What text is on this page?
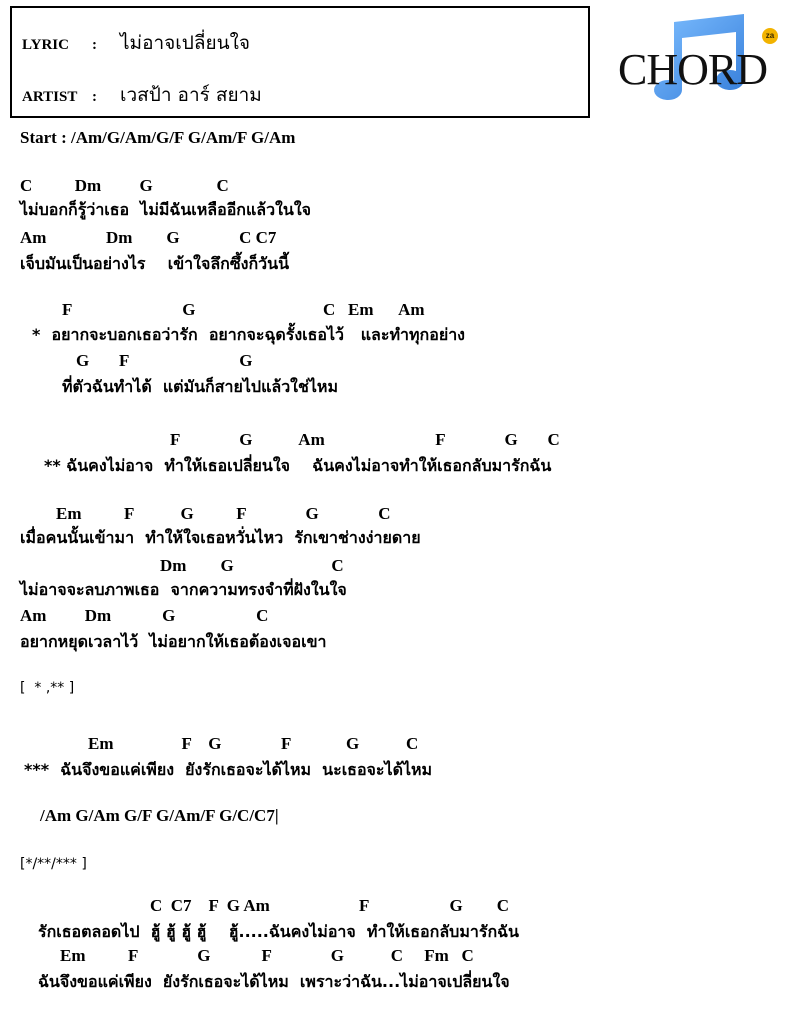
LYRIC : ไม่อาจเปลี่ยนใจ
ARTIST : เวสป้า อาร์ สยาม
CHORD
za
Start : /Am/G/Am/G/F G/Am/F G/Am
C          Dm         G               C
ไม่บอกก็รู้ว่าเธอ  ไม่มีฉันเหลืออีกแล้วในใจ
Am              Dm        G              C C7
เจ็บมันเป็นอย่างไร    เข้าใจลึกซึ้งก็วันนี้
F                          G                              C   Em      Am
*  อยากจะบอกเธอว่ารัก  อยากจะฉุดรั้งเธอไว้   และทำทุกอย่าง
G       F                          G
ที่ตัวฉันทำได้  แต่มันก็สายไปแล้วใช่ไหม
F              G           Am                          F              G       C
** ฉันคงไม่อาจ  ทำให้เธอเปลี่ยนใจ    ฉันคงไม่อาจทำให้เธอกลับมารักฉัน
Em          F           G          F              G              C
เมื่อคนนั้นเข้ามา  ทำให้ใจเธอหวั่นไหว  รักเขาช่างง่ายดาย
Dm        G                       C
ไม่อาจจะลบภาพเธอ  จากความทรงจำที่ฝังในใจ
Am         Dm            G                   C
อยากหยุดเวลาไว้  ไม่อยากให้เธอต้องเจอเขา
[  * ,** ]
Em                F    G              F             G           C
***  ฉันจึงขอแค่เพียง  ยังรักเธอจะได้ไหม  นะเธอจะได้ไหม
/Am G/Am G/F G/Am/F G/C/C7|
[*/**/*** ]
C  C7    F  G Am                     F                   G        C
รักเธอตลอดไป  ฮู้ ฮู้ ฮู้ ฮู้    ฮู้.....ฉันคงไม่อาจ  ทำให้เธอกลับมารักฉัน
Em          F              G            F              G           C     Fm   C
ฉันจึงขอแค่เพียง  ยังรักเธอจะได้ไหม  เพราะว่าฉัน...ไม่อาจเปลี่ยนใจ
